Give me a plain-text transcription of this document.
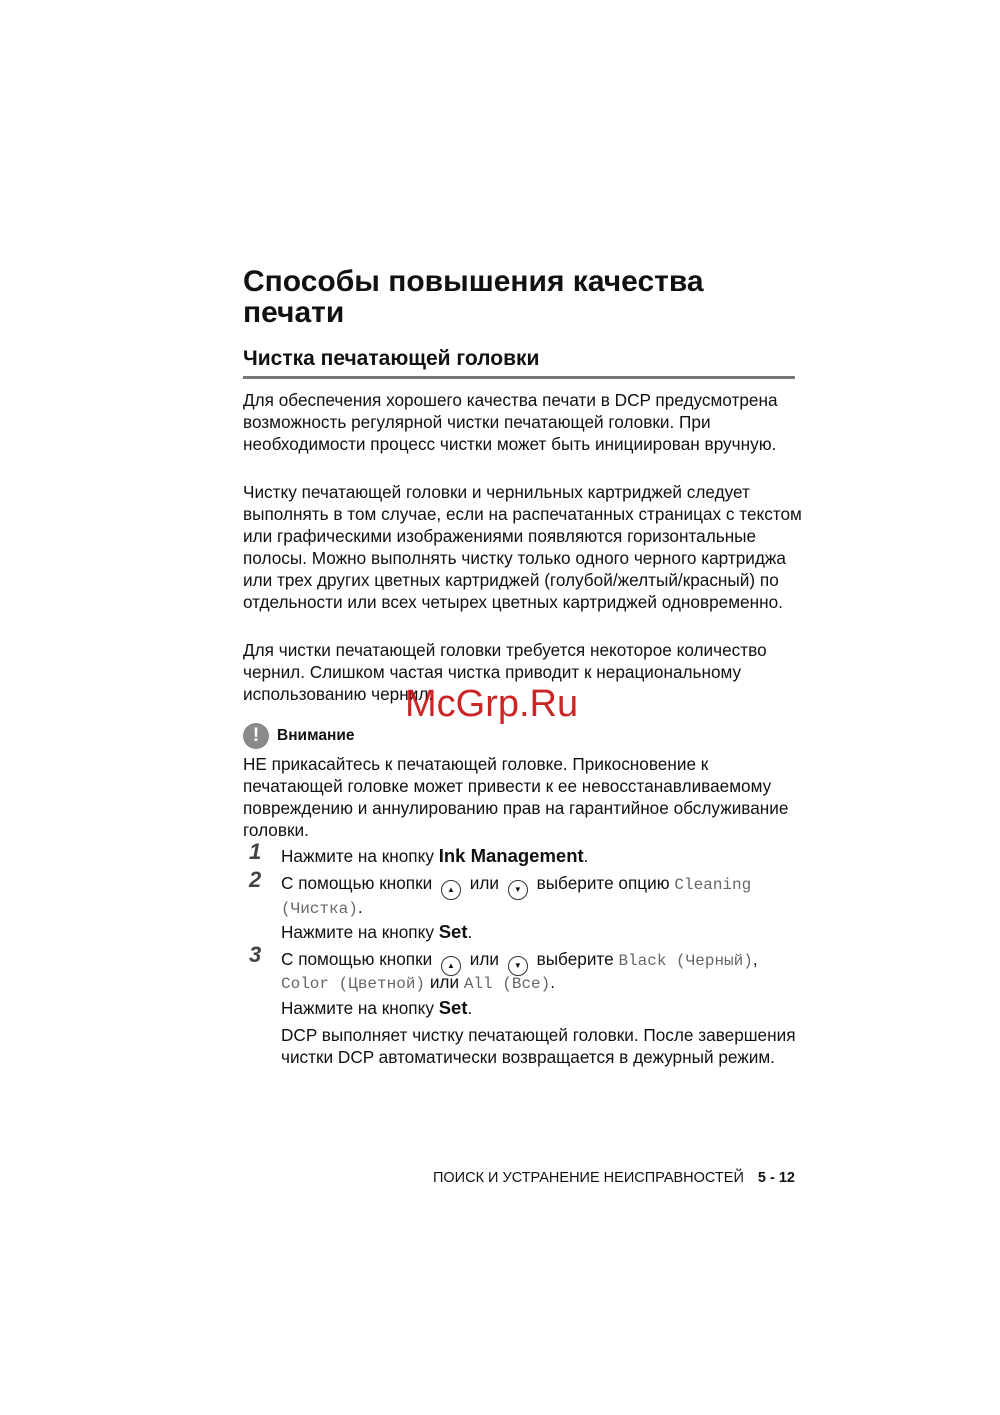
Способы повышения качества печати
Чистка печатающей головки

Для обеспечения хорошего качества печати в DCP предусмотрена возможность регулярной чистки печатающей головки. При необходимости процесс чистки может быть инициирован вручную.

Чистку печатающей головки и чернильных картриджей следует выполнять в том случае, если на распечатанных страницах с текстом или графическими изображениями появляются горизонтальные полосы. Можно выполнять чистку только одного черного картриджа или трех других цветных картриджей (голубой/желтый/красный) по отдельности или всех четырех цветных картриджей одновременно.

Для чистки печатающей головки требуется некоторое количество чернил. Слишком частая чистка приводит к нерациональному использованию чернил.

!	Внимание

НЕ прикасайтесь к печатающей головке. Прикосновение к печатающей головке может привести к ее невосстанавливаемому повреждению и аннулированию прав на гарантийное обслуживание головки.

1 Нажмите на кнопку Ink Management.

2 С помощью кнопки ▲ или ▼ выберите опцию Cleaning

(Чистка).

Нажмите на кнопку Set.

3 С помощью кнопки ▲ или ▼ выберите Black (Черный),

Color (Цветной) или All (Все).

Нажмите на кнопку Set.

DCP выполняет чистку печатающей головки. После завершения чистки DCP автоматически возвращается в дежурный режим.

ПОИСК И УСТРАНЕНИЕ НЕИСПРАВНОСТЕЙ 5 - 12
McGrp.Ru
